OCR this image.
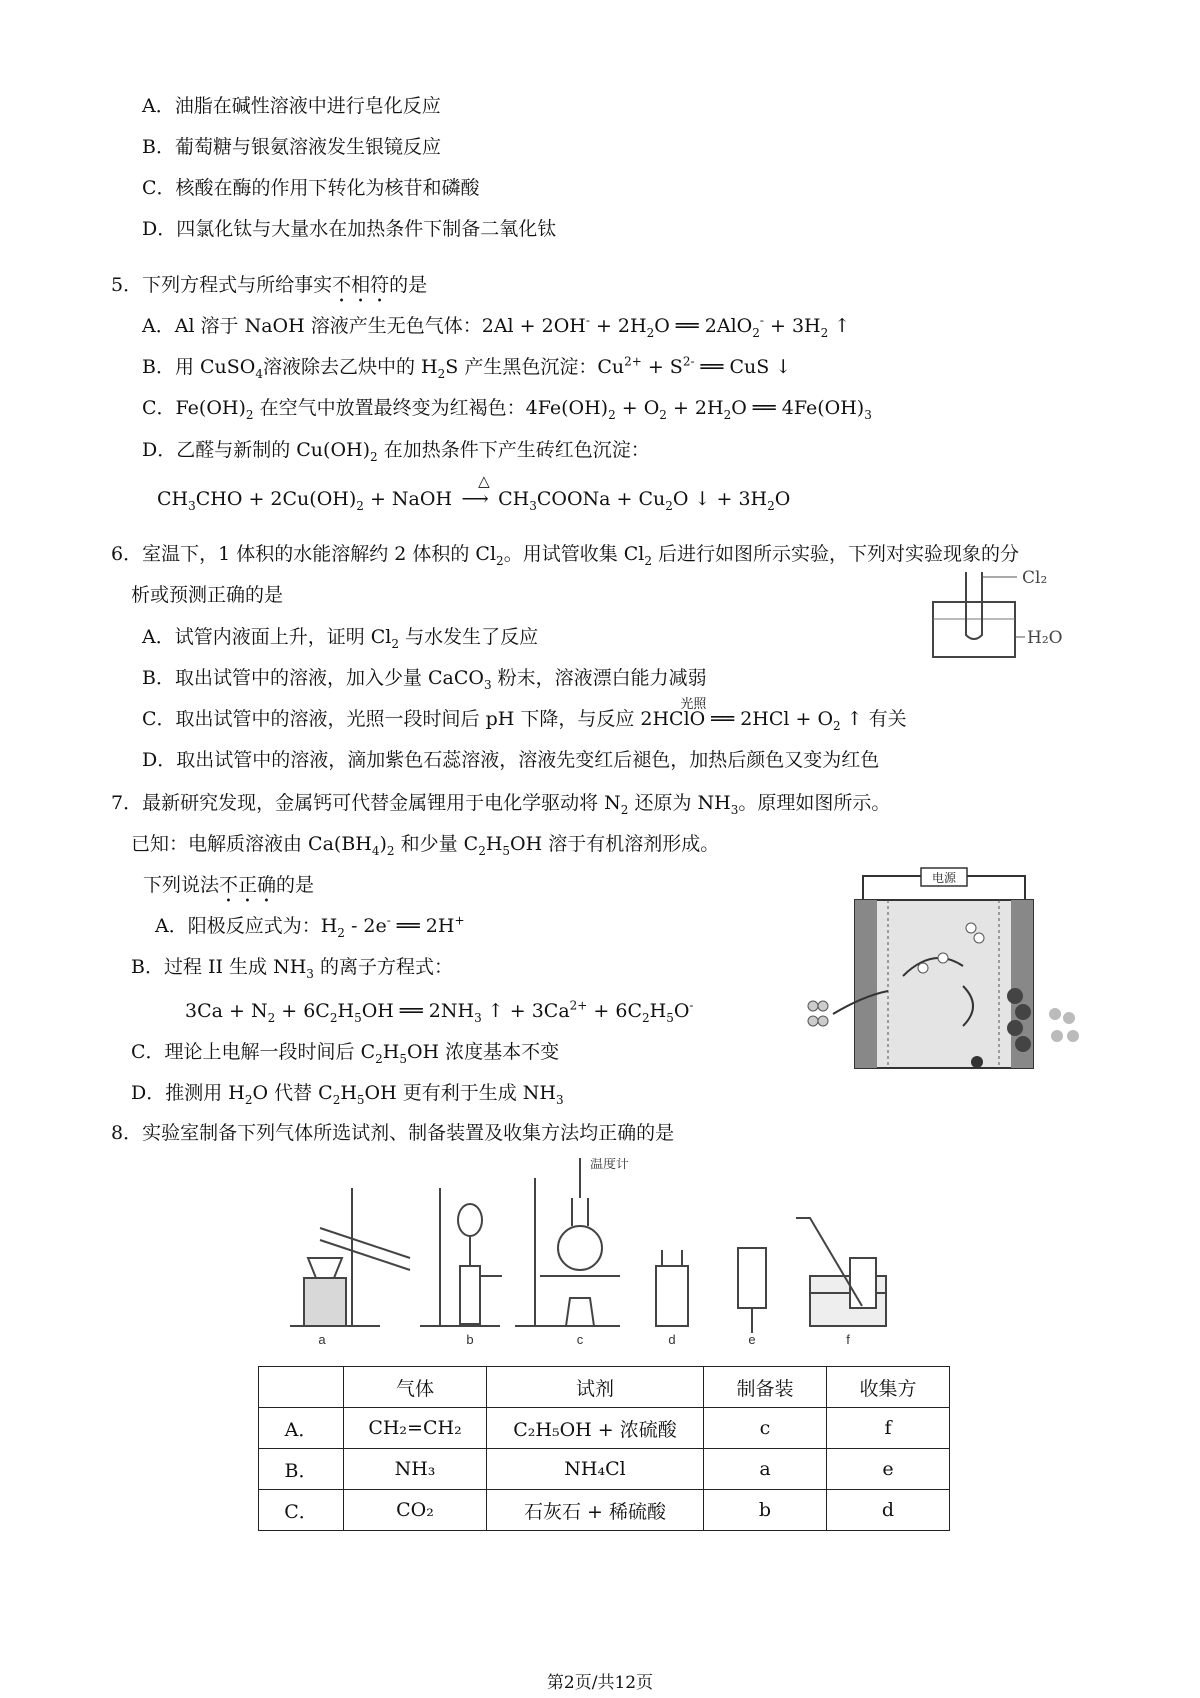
A．油脂在碱性溶液中进行皂化反应
B．葡萄糖与银氨溶液发生银镜反应
C．核酸在酶的作用下转化为核苷和磷酸
D．四氯化钛与大量水在加热条件下制备二氧化钛
5．下列方程式与所给事实不相符的是
A．Al 溶于 NaOH 溶液产生无色气体：$2Al + 2OH^- + 2H_2O$ ══ $2AlO_2^- + 3H_2$ ↑
B．用 CuSO$_4$溶液除去乙炔中的 $H_2S$ 产生黑色沉淀：$Cu^{2+} + S^{2-}$ ══ CuS ↓
C．$Fe(OH)_2$ 在空气中放置最终变为红褐色：$4Fe(OH)_2 + O_2 + 2H_2O$ ══ $4Fe(OH)_3$
D．乙醛与新制的 $Cu(OH)_2$ 在加热条件下产生砖红色沉淀：
$CH_3CHO + 2Cu(OH)_2$ + NaOH ⟶
△
$CH_3COONa + Cu_2O$ ↓ + $3H_2O$
6．室温下，1 体积的水能溶解约 2 体积的 $Cl_2$。用试管收集 $Cl_2$ 后进行如图所示实验，下列对实验现象的分
析或预测正确的是
Cl₂
H₂O
A．试管内液面上升，证明 $Cl_2$ 与水发生了反应
B．取出试管中的溶液，加入少量 CaCO$_3$ 粉末，溶液漂白能力减弱
C．取出试管中的溶液，光照一段时间后 pH 下降，与反应
光照
2HClO ══ $2HCl + O_2$ ↑ 有关
D．取出试管中的溶液，滴加紫色石蕊溶液，溶液先变红后褪色，加热后颜色又变为红色
7．最新研究发现，金属钙可代替金属锂用于电化学驱动将 $N_2$ 还原为 $NH_3$。原理如图所示。
已知：电解质溶液由 $Ca(BH_4)_2$ 和少量 $C_2H_5OH$ 溶于有机溶剂形成。
下列说法不正确的是	电源
A．阳极反应式为：$H_2 - 2e^-$ ══ 2H+
B．过程 II 生成 $NH_3$ 的离子方程式：
$3Ca + N_2 + 6C_2H_5OH$ ══ $2NH_3$ ↑ + $3Ca^{2+} + 6C_2H_5O^-$
C．理论上电解一段时间后 $C_2H_5OH$ 浓度基本不变
D．推测用 $H_2O$ 代替 $C_2H_5OH$ 更有利于生成 $NH_3$
8．实验室制备下列气体所选试剂、制备装置及收集方法均正确的是
温度计
a	b	c	d	e	f
	气体	试剂	制备装	收集方
A．	CH₂=CH₂	C₂H₅OH + 浓硫酸	c	f
B．	NH₃	NH₄Cl	a	e
C．	CO₂	石灰石 + 稀硫酸	b	d
第2页/共12页
